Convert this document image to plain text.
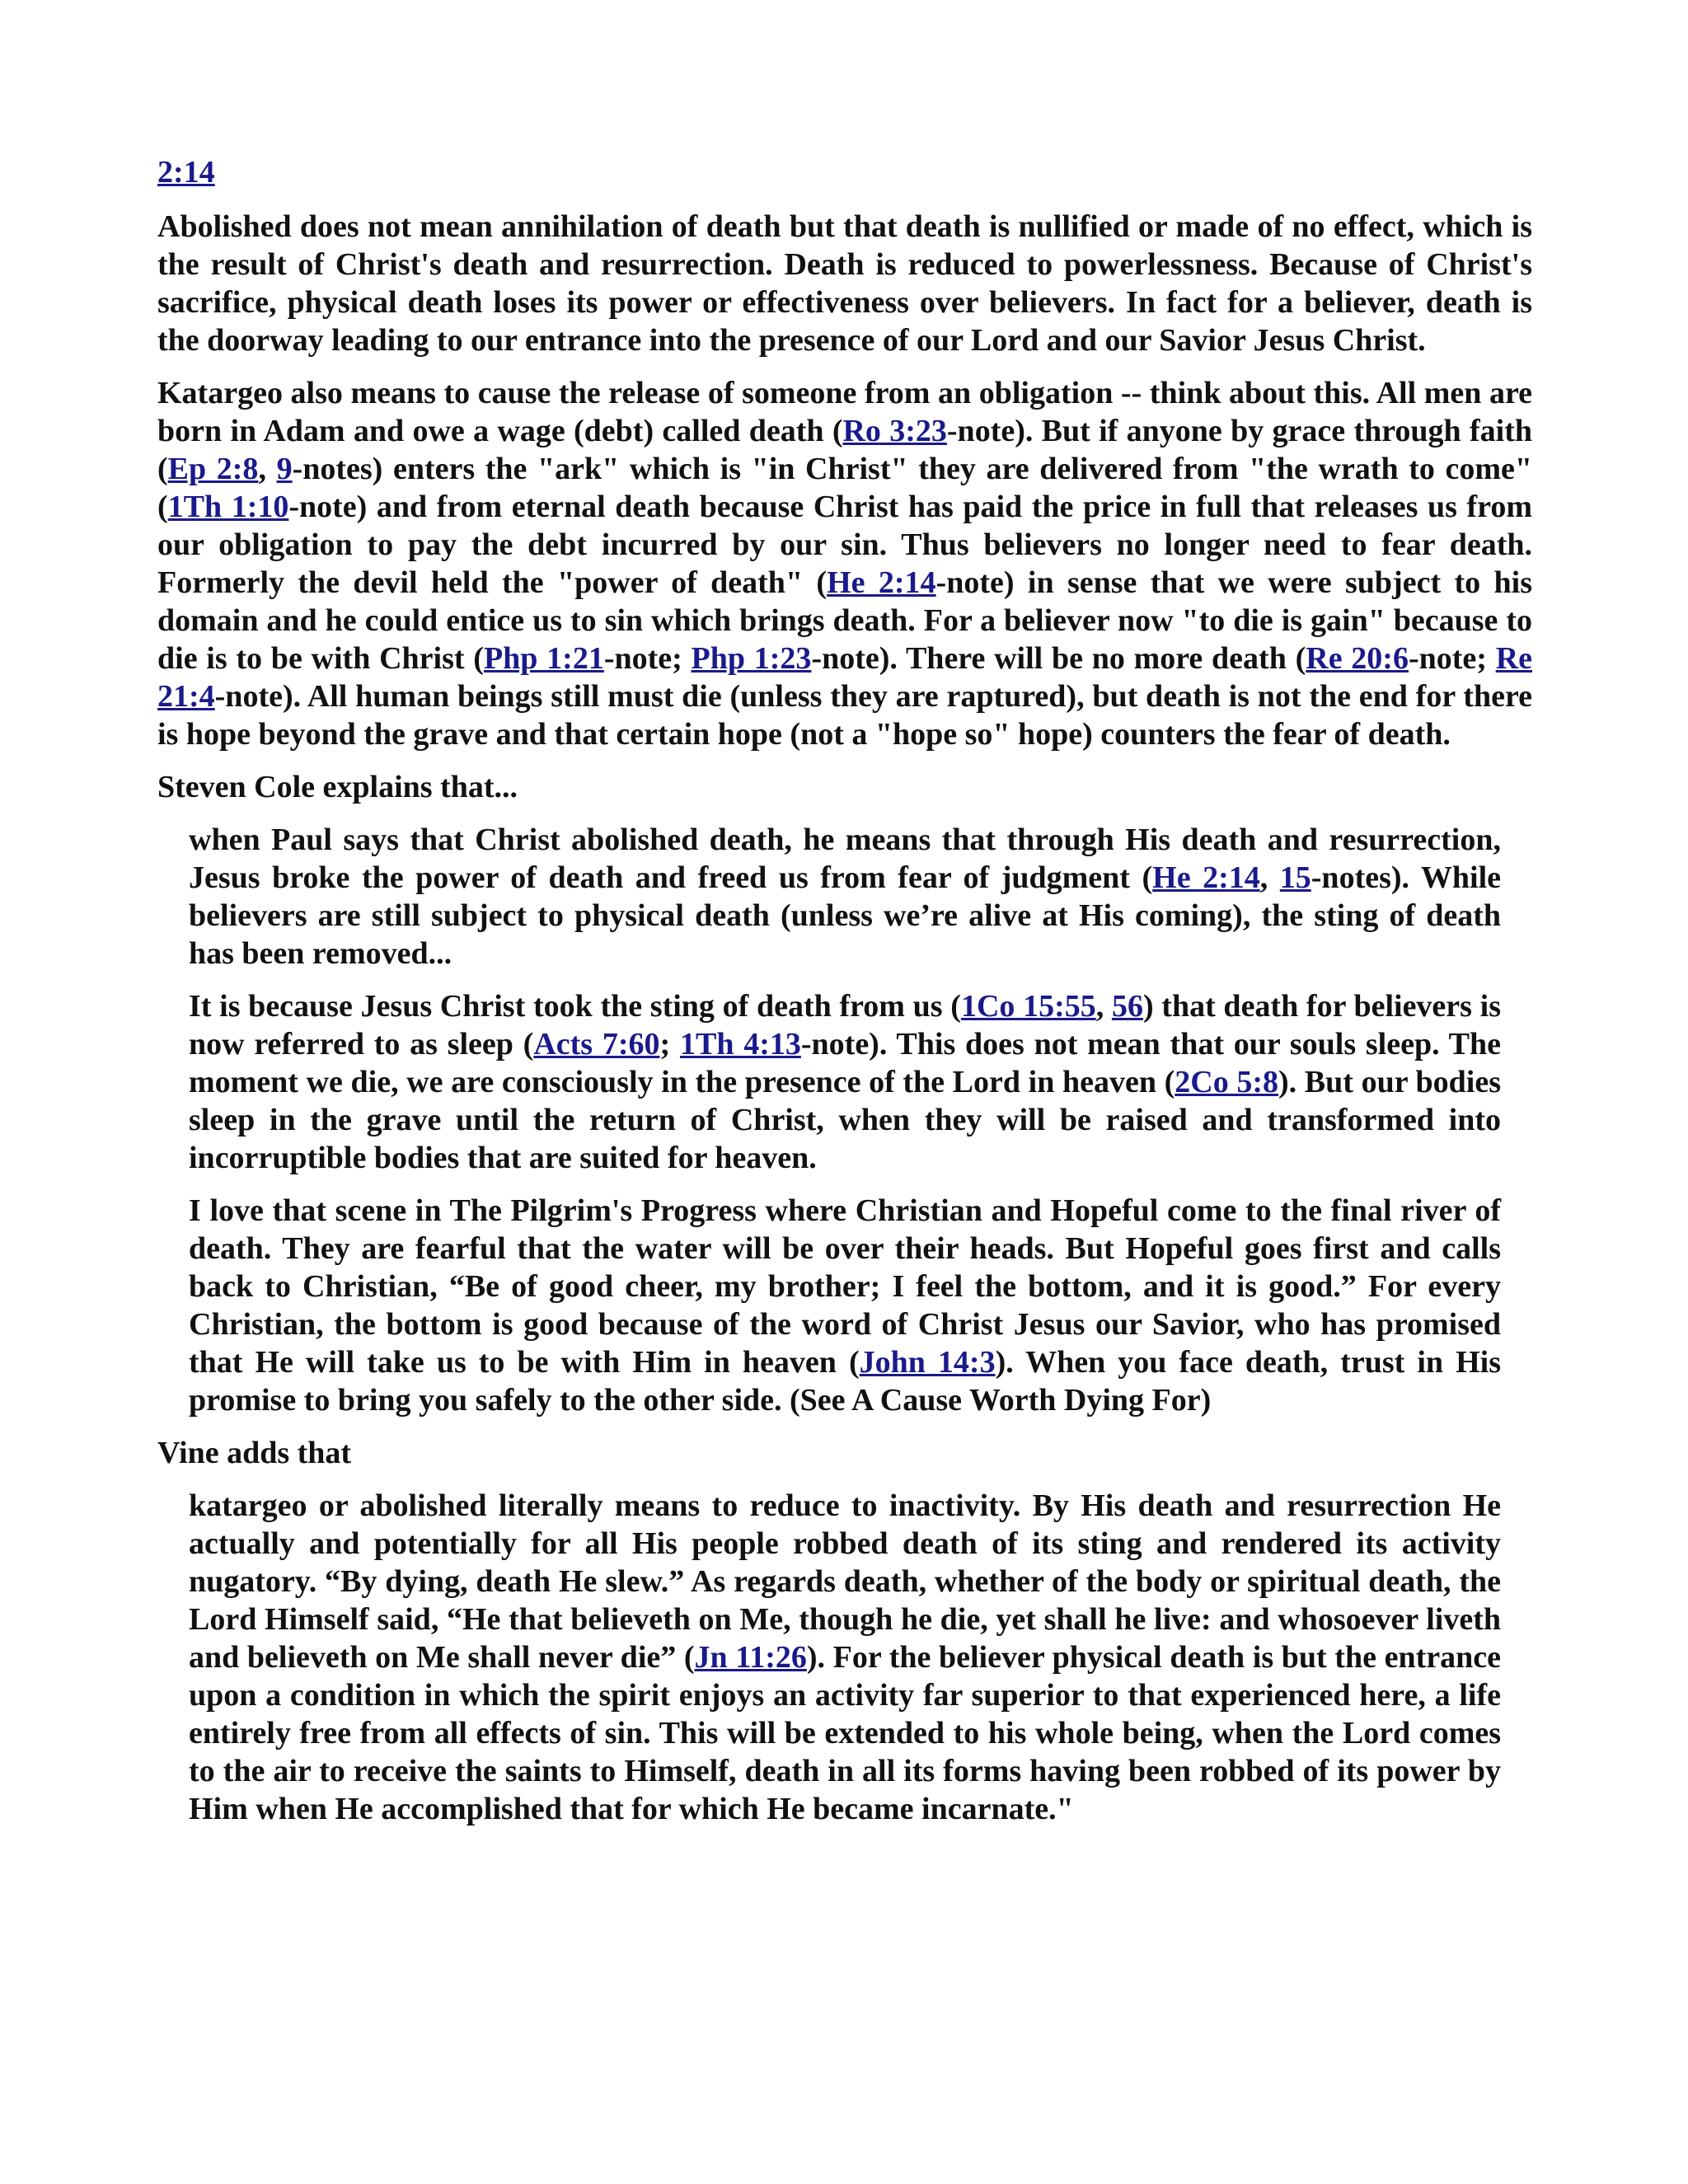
2:14

Abolished does not mean annihilation of death but that death is nullified or made of no effect, which is the result of Christ's death and resurrection. Death is reduced to powerlessness. Because of Christ's sacrifice, physical death loses its power or effectiveness over believers. In fact for a believer, death is the doorway leading to our entrance into the presence of our Lord and our Savior Jesus Christ.

Katargeo also means to cause the release of someone from an obligation -- think about this. All men are born in Adam and owe a wage (debt) called death (Ro 3:23-note). But if anyone by grace through faith (Ep 2:8, 9-notes) enters the "ark" which is "in Christ" they are delivered from "the wrath to come" (1Th 1:10-note) and from eternal death because Christ has paid the price in full that releases us from our obligation to pay the debt incurred by our sin. Thus believers no longer need to fear death. Formerly the devil held the "power of death" (He 2:14-note) in sense that we were subject to his domain and he could entice us to sin which brings death. For a believer now "to die is gain" because to die is to be with Christ (Php 1:21-note; Php 1:23-note). There will be no more death (Re 20:6-note; Re 21:4-note). All human beings still must die (unless they are raptured), but death is not the end for there is hope beyond the grave and that certain hope (not a "hope so" hope) counters the fear of death.

Steven Cole explains that...

when Paul says that Christ abolished death, he means that through His death and resurrection, Jesus broke the power of death and freed us from fear of judgment (He 2:14, 15-notes). While believers are still subject to physical death (unless we’re alive at His coming), the sting of death has been removed...

It is because Jesus Christ took the sting of death from us (1Co 15:55, 56) that death for believers is now referred to as sleep (Acts 7:60; 1Th 4:13-note). This does not mean that our souls sleep. The moment we die, we are consciously in the presence of the Lord in heaven (2Co 5:8). But our bodies sleep in the grave until the return of Christ, when they will be raised and transformed into incorruptible bodies that are suited for heaven.

I love that scene in The Pilgrim's Progress where Christian and Hopeful come to the final river of death. They are fearful that the water will be over their heads. But Hopeful goes first and calls back to Christian, “Be of good cheer, my brother; I feel the bottom, and it is good.” For every Christian, the bottom is good because of the word of Christ Jesus our Savior, who has promised that He will take us to be with Him in heaven (John 14:3). When you face death, trust in His promise to bring you safely to the other side. (See A Cause Worth Dying For)

Vine adds that

katargeo or abolished literally means to reduce to inactivity. By His death and resurrection He actually and potentially for all His people robbed death of its sting and rendered its activity nugatory. “By dying, death He slew.” As regards death, whether of the body or spiritual death, the Lord Himself said, “He that believeth on Me, though he die, yet shall he live: and whosoever liveth and believeth on Me shall never die” (Jn 11:26). For the believer physical death is but the entrance upon a condition in which the spirit enjoys an activity far superior to that experienced here, a life entirely free from all effects of sin. This will be extended to his whole being, when the Lord comes to the air to receive the saints to Himself, death in all its forms having been robbed of its power by Him when He accomplished that for which He became incarnate."
